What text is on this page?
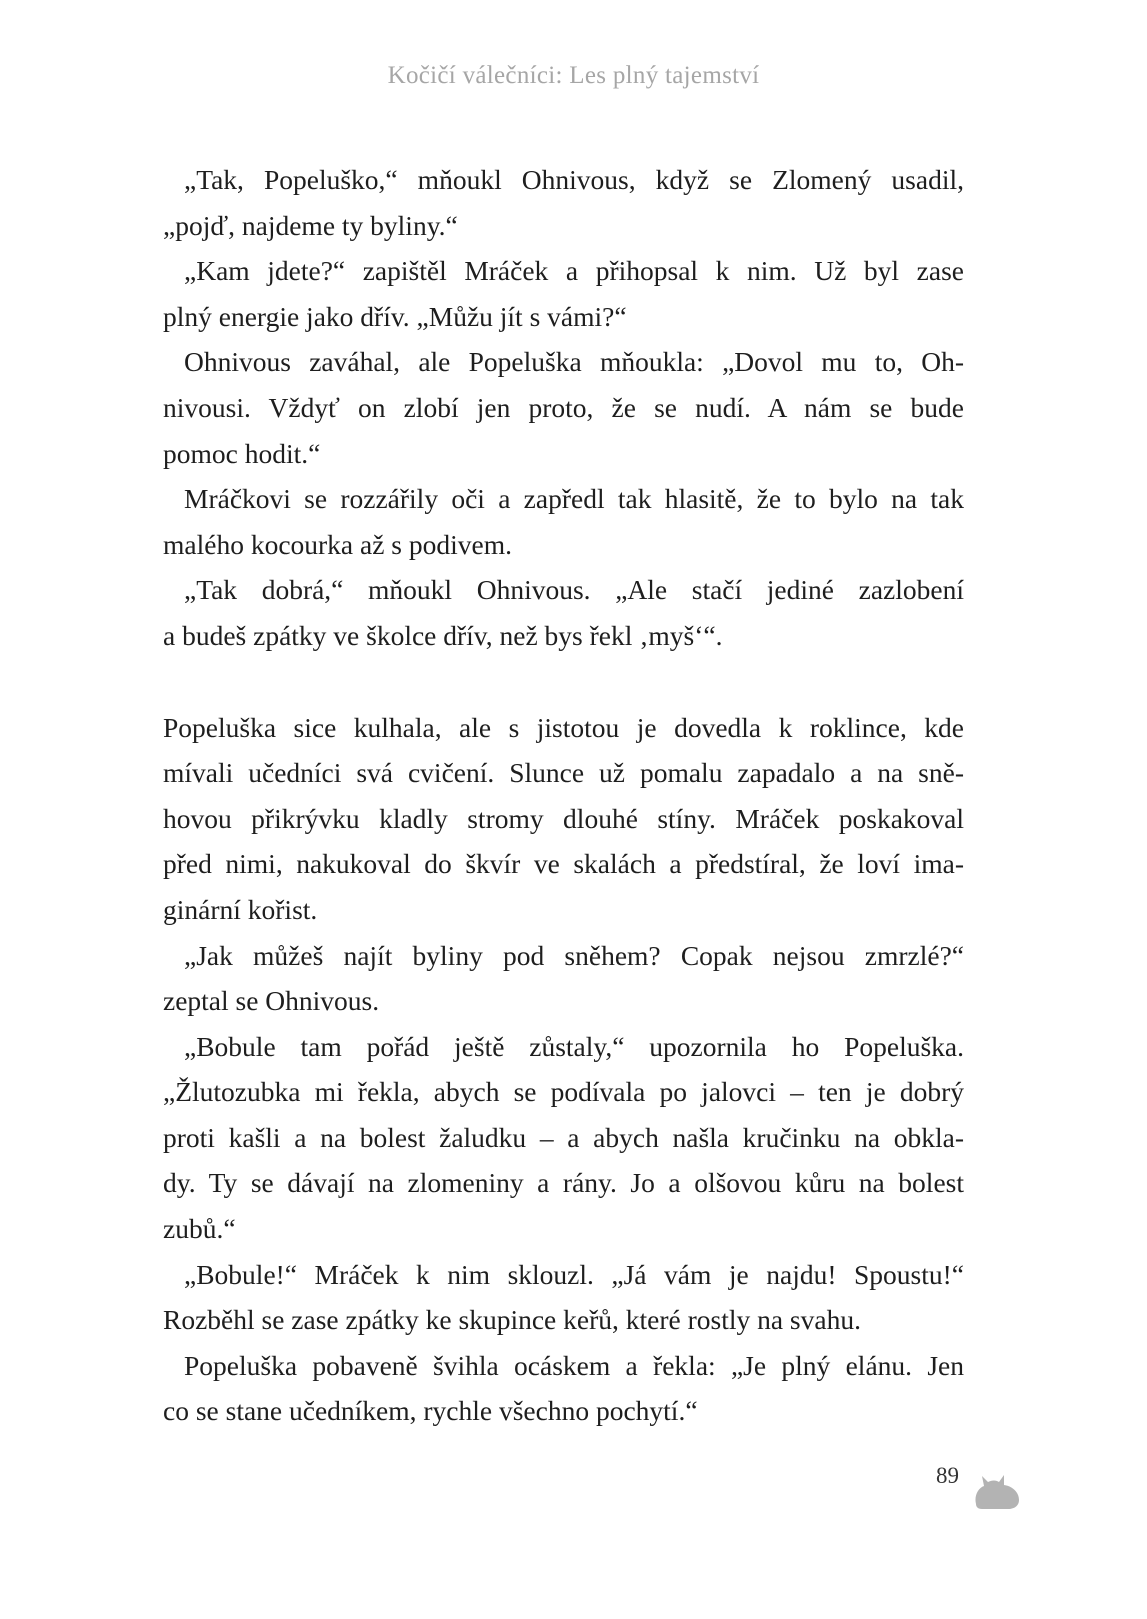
Kočičí válečníci: Les plný tajemství
„Tak, Popeluško,“ mňoukl Ohnivous, když se Zlomený usadil,
„pojď, najdeme ty byliny.“
„Kam jdete?“ zapištěl Mráček a přihopsal k nim. Už byl zase
plný energie jako dřív. „Můžu jít s vámi?“
Ohnivous zaváhal, ale Popeluška mňoukla: „Dovol mu to, Oh-
nivousi. Vždyť on zlobí jen proto, že se nudí. A nám se bude
pomoc hodit.“
Mráčkovi se rozzářily oči a zapředl tak hlasitě, že to bylo na tak
malého kocourka až s podivem.
„Tak dobrá,“ mňoukl Ohnivous. „Ale stačí jediné zazlobení
a budeš zpátky ve školce dřív, než bys řekl ‚myš‘“.
Popeluška sice kulhala, ale s jistotou je dovedla k roklince, kde
mívali učedníci svá cvičení. Slunce už pomalu zapadalo a na sně-
hovou přikrývku kladly stromy dlouhé stíny. Mráček poskakoval
před nimi, nakukoval do škvír ve skalách a předstíral, že loví ima-
ginární kořist.
„Jak můžeš najít byliny pod sněhem? Copak nejsou zmrzlé?“
zeptal se Ohnivous.
„Bobule tam pořád ještě zůstaly,“ upozornila ho Popeluška.
„Žlutozubka mi řekla, abych se podívala po jalovci – ten je dobrý
proti kašli a na bolest žaludku – a abych našla kručinku na obkla-
dy. Ty se dávají na zlomeniny a rány. Jo a olšovou kůru na bolest
zubů.“
„Bobule!“ Mráček k nim sklouzl. „Já vám je najdu! Spoustu!“
Rozběhl se zase zpátky ke skupince keřů, které rostly na svahu.
Popeluška pobaveně švihla ocáskem a řekla: „Je plný elánu. Jen
co se stane učedníkem, rychle všechno pochytí.“
89
